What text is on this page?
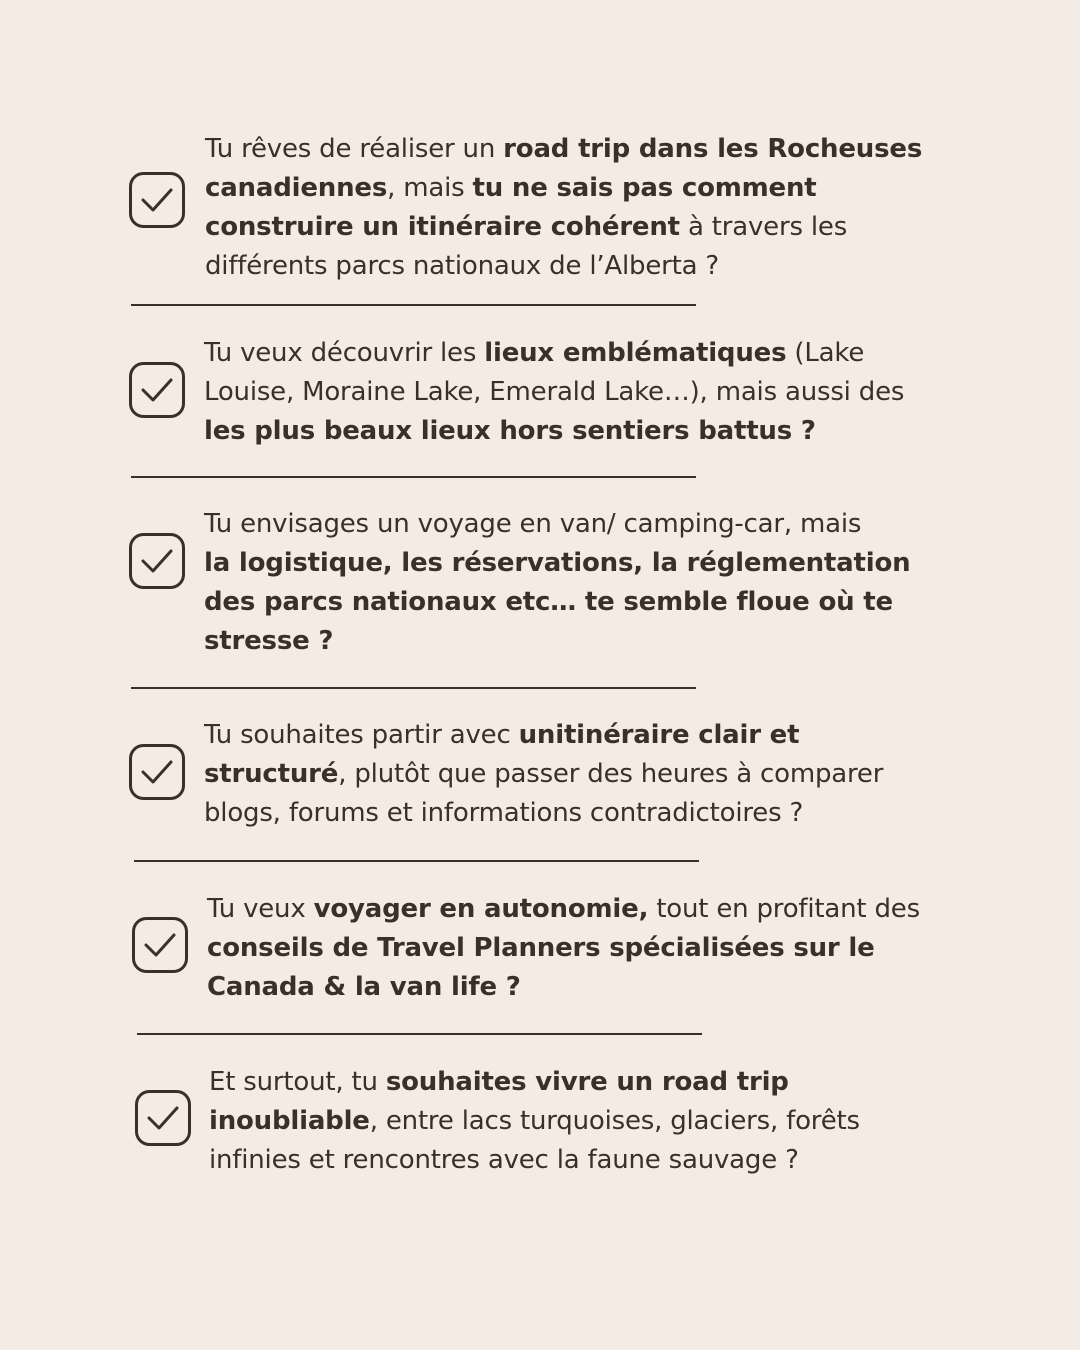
Tu rêves de réaliser un road trip dans les Rocheuses
canadiennes, mais tu ne sais pas comment
construire un itinéraire cohérent à travers les
différents parcs nationaux de l’Alberta ?

Tu veux découvrir les lieux emblématiques (Lake
Louise, Moraine Lake, Emerald Lake…), mais aussi des
les plus beaux lieux hors sentiers battus ?

Tu envisages un voyage en van/ camping-car, mais
la logistique, les réservations, la réglementation
des parcs nationaux etc… te semble floue où te
stresse ?

Tu souhaites partir avec unitinéraire clair et
structuré, plutôt que passer des heures à comparer
blogs, forums et informations contradictoires ?

Tu veux voyager en autonomie, tout en profitant des
conseils de Travel Planners spécialisées sur le
Canada & la van life ?

Et surtout, tu souhaites vivre un road trip
inoubliable, entre lacs turquoises, glaciers, forêts
infinies et rencontres avec la faune sauvage ?
